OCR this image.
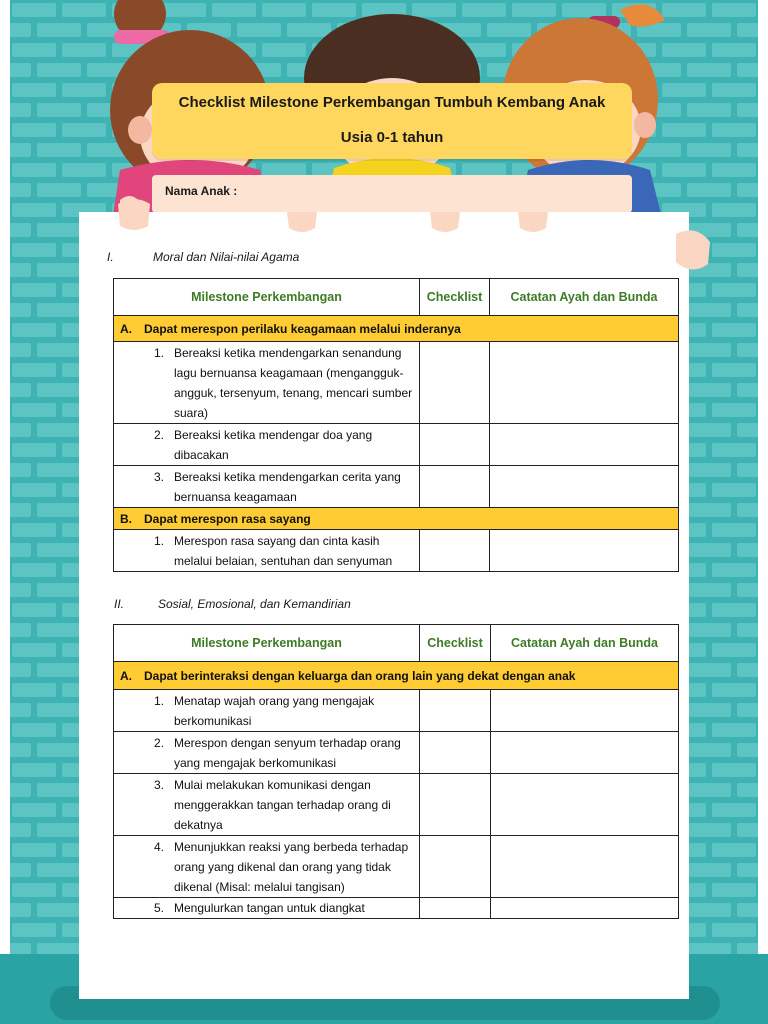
Checklist Milestone Perkembangan Tumbuh Kembang Anak
Usia 0-1 tahun
Nama Anak :
I.	Moral dan Nilai-nilai Agama
Milestone Perkembangan	Checklist	Catatan Ayah dan Bunda

A. Dapat merespon perilaku keagamaan melalui inderanya		

1. Bereaksi ketika mendengarkan senandung lagu bernuansa keagamaan (mengangguk-angguk, tersenyum, tenang, mencari sumber suara)		

2. Bereaksi ketika mendengar doa yang dibacakan		

3. Bereaksi ketika mendengarkan cerita yang bernuansa keagamaan		

B. Dapat merespon rasa sayang		

1. Merespon rasa sayang dan cinta kasih melalui belaian, sentuhan dan senyuman		

II.	Sosial, Emosional, dan Kemandirian
Milestone Perkembangan	Checklist	Catatan Ayah dan Bunda

A. Dapat berinteraksi dengan keluarga dan orang lain yang dekat dengan anak		

1. Menatap wajah orang yang mengajak berkomunikasi		

2. Merespon dengan senyum terhadap orang yang mengajak berkomunikasi		

3. Mulai melakukan komunikasi dengan menggerakkan tangan terhadap orang di dekatnya		

4. Menunjukkan reaksi yang berbeda terhadap orang yang dikenal dan orang yang tidak dikenal (Misal: melalui tangisan)		

5. Mengulurkan tangan untuk diangkat		
